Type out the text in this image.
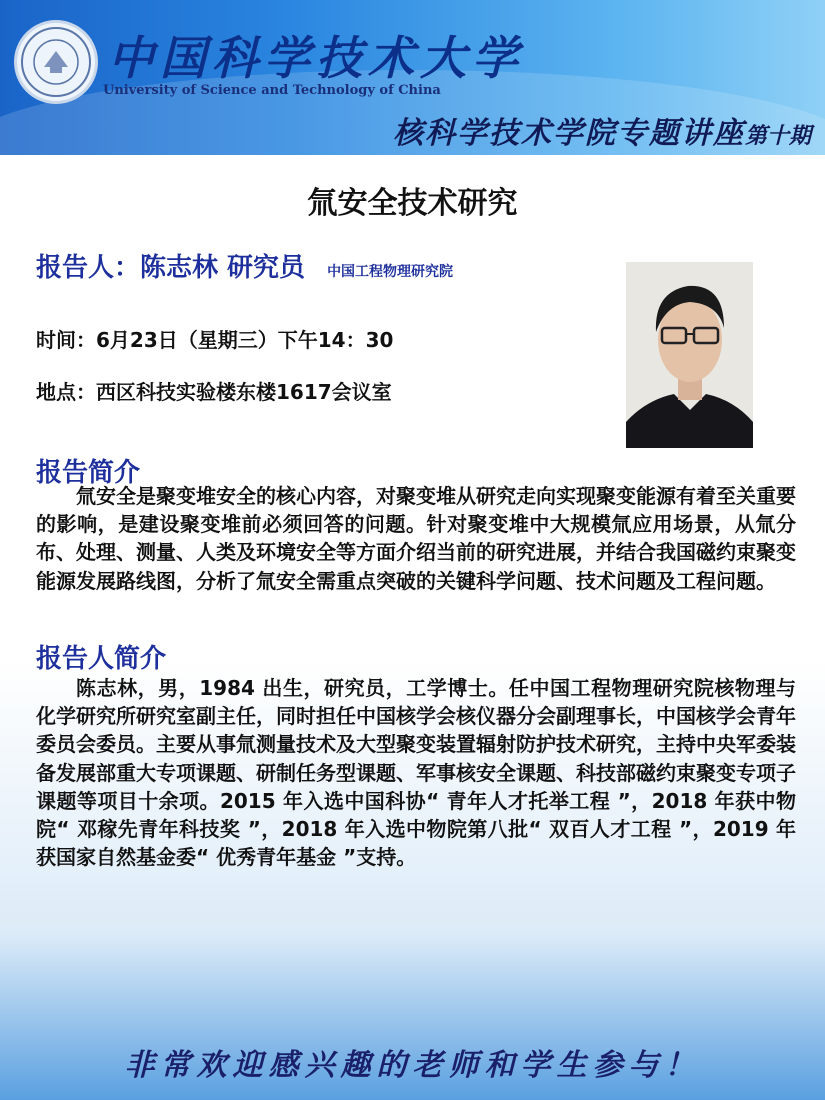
中国科学技术大学
University of Science and Technology of China
核科学技术学院专题讲座第十期
氚安全技术研究
报告人：陈志林 研究员 中国工程物理研究院
时间：6月23日（星期三）下午14：30
地点：西区科技实验楼东楼1617会议室
报告简介
氚安全是聚变堆安全的核心内容，对聚变堆从研究走向实现聚变能源有着至关重要的影响，是建设聚变堆前必须回答的问题。针对聚变堆中大规模氚应用场景，从氚分布、处理、测量、人类及环境安全等方面介绍当前的研究进展，并结合我国磁约束聚变能源发展路线图，分析了氚安全需重点突破的关键科学问题、技术问题及工程问题。
报告人简介
陈志林，男，1984 出生，研究员，工学博士。任中国工程物理研究院核物理与化学研究所研究室副主任，同时担任中国核学会核仪器分会副理事长，中国核学会青年委员会委员。主要从事氚测量技术及大型聚变装置辐射防护技术研究，主持中央军委装备发展部重大专项课题、研制任务型课题、军事核安全课题、科技部磁约束聚变专项子课题等项目十余项。2015 年入选中国科协“ 青年人才托举工程 ”，2018 年获中物院“ 邓稼先青年科技奖 ”，2018 年入选中物院第八批“ 双百人才工程 ”，2019 年获国家自然基金委“ 优秀青年基金 ”支持。
非常欢迎感兴趣的老师和学生参与！
